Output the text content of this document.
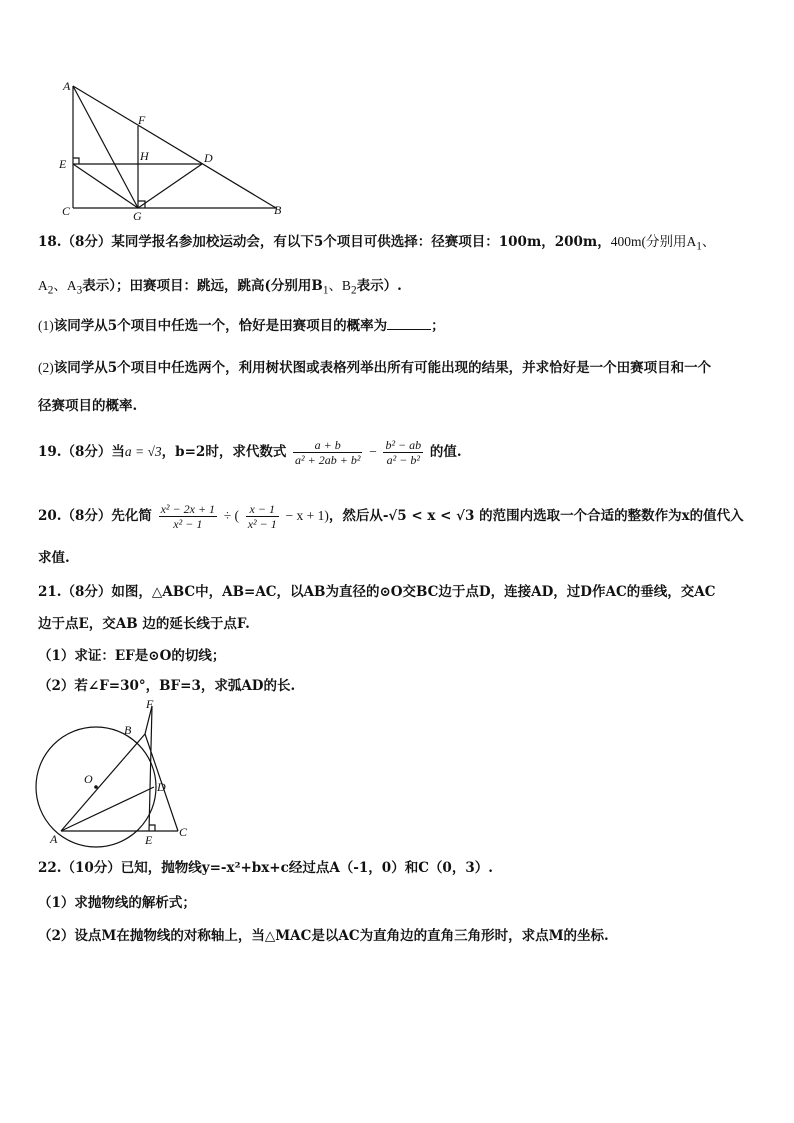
A
F
H	D
E
C	G	B
18.（8分）某同学报名参加校运动会，有以下5个项目可供选择：径赛项目：100m，200m，400m(分别用$A_1$、
$A_2$、$A_3$表示）；田赛项目：跳远，跳高(分别用$B_1$、$B_2$表示）.
(1)该同学从5个项目中任选一个，恰好是田赛项目的概率为	；
(2)该同学从5个项目中任选两个，利用树状图或表格列举出所有可能出现的结果，并求恰好是一个田赛项目和一个
径赛项目的概率.
19.（8分）当a = √3，b=2时，求代数式 $\frac{a + b}{\text{a² + 2ab + b²}} - \frac{\text{b² − ab}}{\text{a² − b²}}$ 的值.
20.（8分）先化简 $\frac{\text{x² − 2x + 1}}{\text{x² − 1}}$ ÷ ( $\frac{x - 1}{\text{x² − 1}} - x + 1$)，然后从-√5 < x < √3 的范围内选取一个合适的整数作为x的值代入
求值.
21.（8分）如图，△ABC中，AB=AC，以AB为直径的⊙O交BC边于点D，连接AD，过D作AC的垂线，交AC
边于点E，交AB 边的延长线于点F.
（1）求证：EF是⊙O的切线；
（2）若∠F=30°，BF=3，求弧AD的长.
F
B
O
D
A	E
C
22.（10分）已知，抛物线y=-x²+bx+c经过点A（-1，0）和C（0，3）.
（1）求抛物线的解析式；
（2）设点M在抛物线的对称轴上，当△MAC是以AC为直角边的直角三角形时，求点M的坐标.
